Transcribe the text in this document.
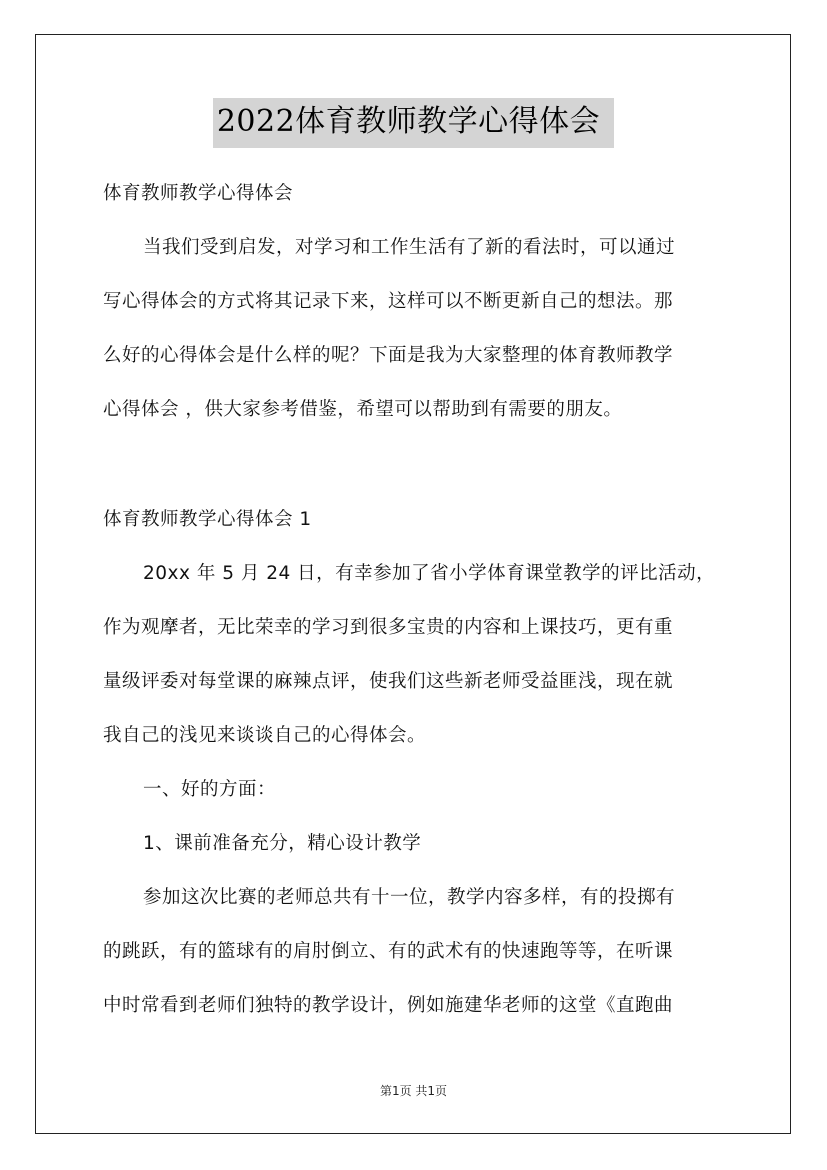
2022体育教师教学心得体会
体育教师教学心得体会
当我们受到启发，对学习和工作生活有了新的看法时，可以通过
写心得体会的方式将其记录下来，这样可以不断更新自己的想法。那
么好的心得体会是什么样的呢？下面是我为大家整理的体育教师教学
心得体会 ，供大家参考借鉴，希望可以帮助到有需要的朋友。
体育教师教学心得体会 1
20xx 年 5 月 24 日，有幸参加了省小学体育课堂教学的评比活动，
作为观摩者，无比荣幸的学习到很多宝贵的内容和上课技巧，更有重
量级评委对每堂课的麻辣点评，使我们这些新老师受益匪浅，现在就
我自己的浅见来谈谈自己的心得体会。
一、好的方面：
1、课前准备充分，精心设计教学
参加这次比赛的老师总共有十一位，教学内容多样，有的投掷有
的跳跃，有的篮球有的肩肘倒立、有的武术有的快速跑等等，在听课
中时常看到老师们独特的教学设计，例如施建华老师的这堂《直跑曲
第1页 共1页
